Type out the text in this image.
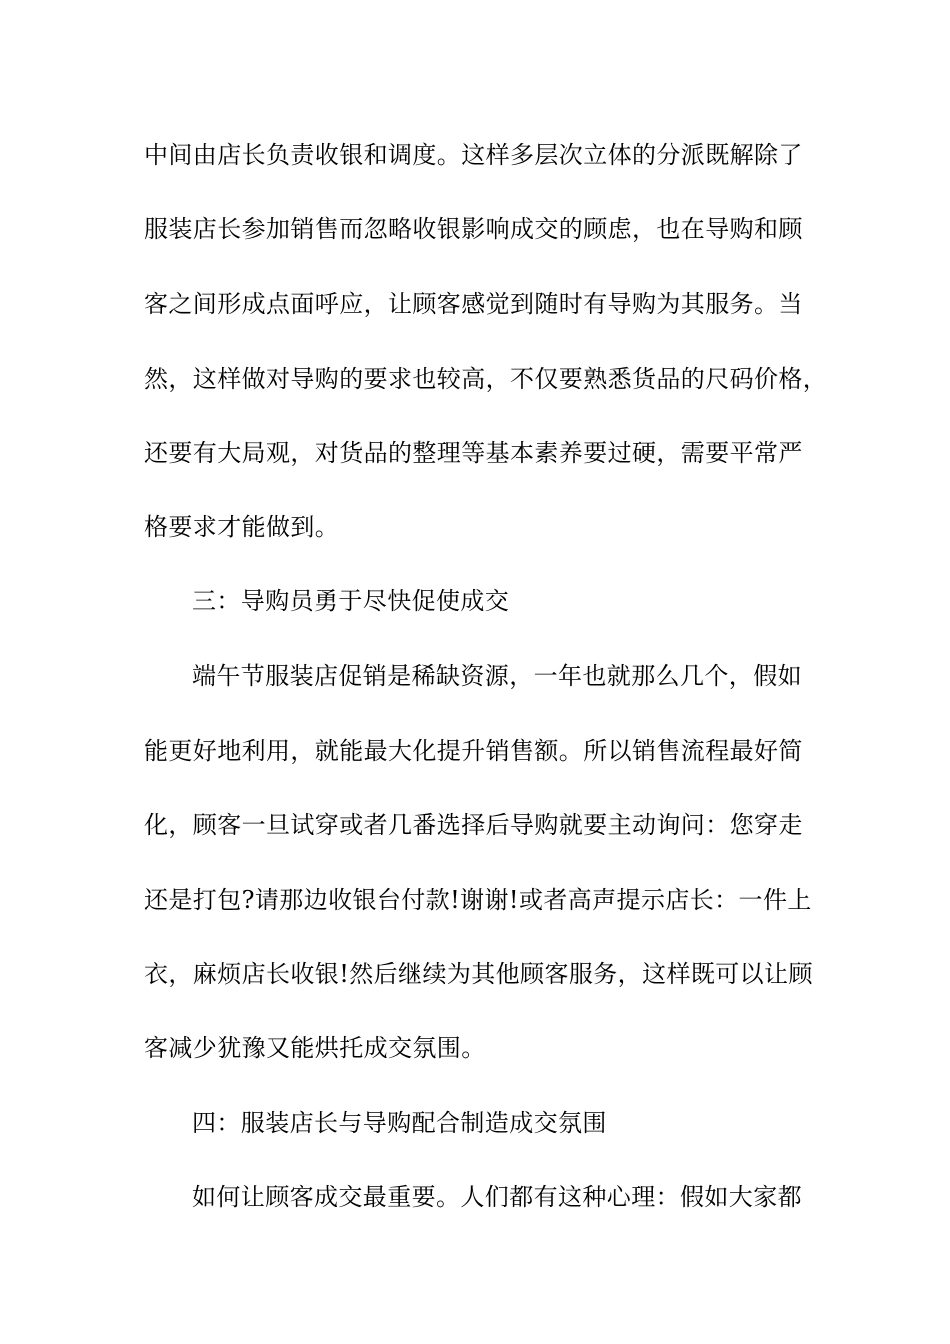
中间由店长负责收银和调度。这样多层次立体的分派既解除了
服装店长参加销售而忽略收银影响成交的顾虑，也在导购和顾
客之间形成点面呼应，让顾客感觉到随时有导购为其服务。当
然，这样做对导购的要求也较高，不仅要熟悉货品的尺码价格，
还要有大局观，对货品的整理等基本素养要过硬，需要平常严
格要求才能做到。
三：导购员勇于尽快促使成交
端午节服装店促销是稀缺资源，一年也就那么几个，假如
能更好地利用，就能最大化提升销售额。所以销售流程最好简
化，顾客一旦试穿或者几番选择后导购就要主动询问：您穿走
还是打包?请那边收银台付款!谢谢!或者高声提示店长：一件上
衣，麻烦店长收银!然后继续为其他顾客服务，这样既可以让顾
客减少犹豫又能烘托成交氛围。
四：服装店长与导购配合制造成交氛围
如何让顾客成交最重要。人们都有这种心理：假如大家都
